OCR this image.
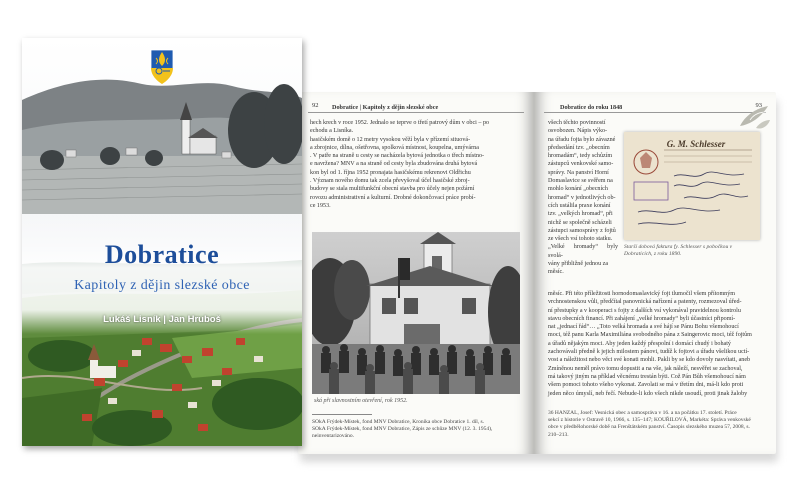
92 Dobratice | Kapitoly z dějin slezské obce
hech krech v roce 1952. Jednalo se teprve o třetí patrový dům v obci – po
echodu a Lisníka.
hasičském domě o 12 metry vysokou věží byla v přízemí situová-
a zbrojnice, dílna, ošetřovna, spolková místnost, koupelna, umývárna
. V patře na straně u cesty se nacházela bytová jednotka o třech místno-
e navržena? MNV a na straně od cesty byla zbudována druhá bytová
kon byl od 1. října 1952 pronajata hasičskému rekrenovi Oldřichu
. Význam nového domu tak zcela převyšoval účel hasičské zbroj-
budovy se stala multifunkční obecní stavba pro účely nejen požární
rovozu administrativní a kulturní. Drobné dokončovací práce probí-
ce 1953.
ská při slavnostním otevření, rok 1952.
SOkA Frýdek-Místek, fond MNV Dobratice, Kronika obce Dobratice 1. díl, s.
SOkA Frýdek-Místek, fond MNV Dobratice, Zápis ze schůze MNV (12. 3. 1954),
neinventarizováno.
Dobratice do roku 1848	93
všech těchto povinností
osvobozen. Nápis výko-
na úřadu fojta bylo závazné
předsedání tzv. „obecním
hromadám“, tedy schůzím
zástupců venkovské samo-
správy. Na panství Horní
Domaslavice se svěřem na
mohlo konání „obecních
hromad“ v jednotlivých ob-
cích ustálila praxe konání
tzv. „velkých hromad“, při
nichž se společně scházeli
zástupci samosprávy z fojtů
ze všech vsí tohoto statku.
„Velké hromady“ byly svolá-
vány přibližně jednou za
měsíc.
G. M. Schlesser
Starší dobová faktura fy. Schlesser s pobočkou v Dobraticích, z roku 1890.
měsíc. Při této příležitosti hornodomaslavický fojt tlumočil všem přítomným
vrchnostenskou vůli, předčítal panovnická nařízení a patenty, rozmezoval úřed-
ní přestupky a v kooperaci s fojty z dalších vsí vykonával pravidelnou kontrolu
stavu obecních financí. Při zahájení „velké hromady“ byli účastníci připomí-
nat „jednací řád“… „Toto velká hromada a své hájí se Pánu Bohu všemohoucí
moci, též panu Karla Maximiliána svobodného pána z Saingerovic moci, též fojtům
a úřadů nějakým moci. Aby jeden každý přespolní i domácí chudý i bohatý
zachovávali předně k jejich milostem pánovi, tudíž k fojtovi a úřadu všelikou uctí-
vost a náležitost nebo věci své konati mohli. Pakli by se kdo dovoly nasvítati, aneb
Zmíněnou neměl právo tomu dopustit a na vše, jak náleží, nesvěřet se zachoval,
má takový jiným na příklad věcnému trestán býti. Což Pán Bůh všemohoucí nám
všem pomoci tohoto všeho vykonat. Zavolati se má v třetím dni, má-li kdo proti
jeden něco úmyslí, neb řečí. Nebude-li kdo všech nikde usoudí, proti jinak žaloby
36 HANZAL, Josef: Vesnická obec a samospráva v 16. a na počátku 17. století. Práce
sekcí z historie v Ostravě 10, 1966, s. 135–147; KOUŘILOVÁ, Markéta: Správa venkovské
obce v předbělohorské době na Frenštátském panství. Časopis slezského muzea 57, 2008, s.
210–213.
Dobratice
Kapitoly z dějin slezské obce
Lukáš Lisník | Jan Hruboš
